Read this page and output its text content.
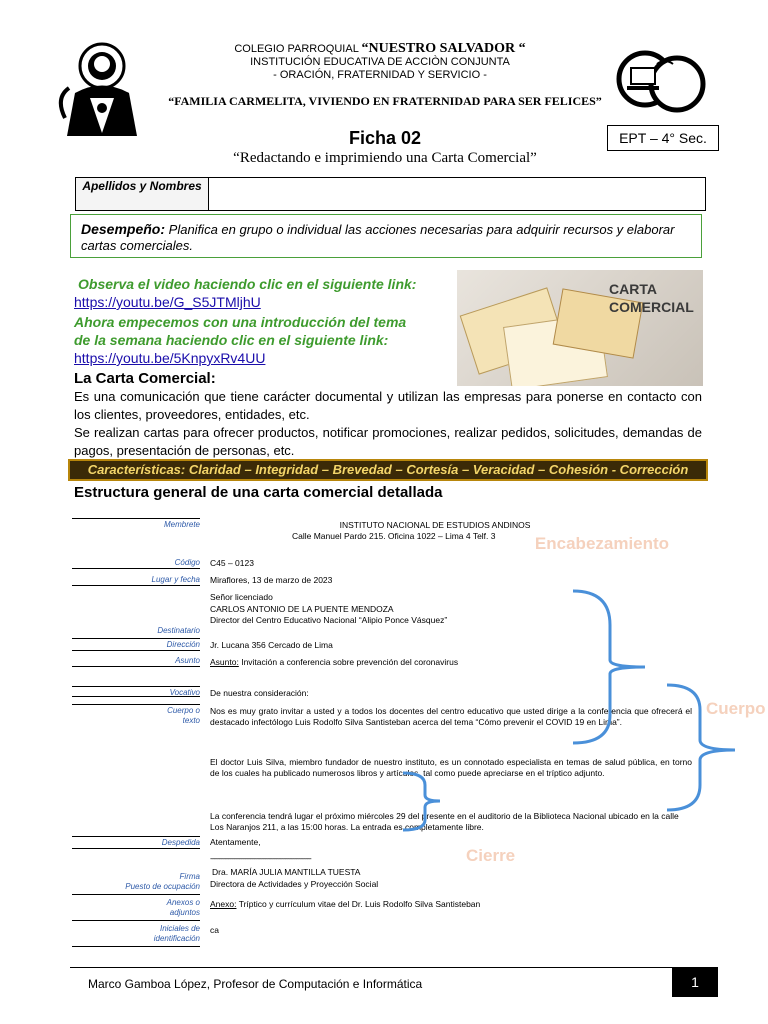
COLEGIO PARROQUIAL “NUESTRO SALVADOR “
INSTITUCIÓN EDUCATIVA DE ACCIÒN CONJUNTA
- ORACIÓN, FRATERNIDAD Y SERVICIO -
“FAMILIA CARMELITA, VIVIENDO EN FRATERNIDAD PARA SER FELICES”
Ficha 02
“Redactando e imprimiendo una Carta Comercial”
EPT – 4° Sec.
Apellidos y Nombres
Desempeño: Planifica en grupo o individual las acciones necesarias para adquirir recursos y elaborar cartas comerciales.
Observa el video haciendo clic en el siguiente link:
https://youtu.be/G_S5JTMljhU
Ahora empecemos con una introducción del tema de la semana haciendo clic en el siguiente link:
https://youtu.be/5KnpyxRv4UU
CARTA
COMERCIAL
La Carta Comercial:
Es una comunicación que tiene carácter documental y utilizan las empresas para ponerse en contacto con los clientes, proveedores, entidades, etc.
Se realizan cartas para ofrecer productos, notificar promociones, realizar pedidos, solicitudes, demandas de pagos, presentación de personas, etc.
Características: Claridad – Integridad – Brevedad – Cortesía – Veracidad – Cohesión - Corrección
Estructura general de una carta comercial detallada
Membrete
Código
Lugar y fecha
Destinatario
Dirección
Asunto
Vocativo
Cuerpo o texto
Despedida
Firma
Puesto de ocupación
Anexos o adjuntos
Iniciales de identificación
INSTITUTO NACIONAL DE ESTUDIOS ANDINOS
Calle Manuel Pardo 215. Oficina 1022 – Lima 4 Telf. 3
C45 – 0123
Miraflores, 13 de marzo de 2023
Señor licenciado
CARLOS ANTONIO DE LA PUENTE MENDOZA
Director del Centro Educativo Nacional “Alipio Ponce Vásquez”
Jr. Lucana 356 Cercado de Lima
Asunto: Invitación a conferencia sobre prevención del coronavirus
De nuestra consideración:
Nos es muy grato invitar a usted y a todos los docentes del centro educativo que usted dirige a la conferencia que ofrecerá el destacado infectólogo Luis Rodolfo Silva Santisteban acerca del tema “Cómo prevenir el COVID 19 en Lima”.
El doctor Luis Silva, miembro fundador de nuestro instituto, es un connotado especialista en temas de salud pública, en torno de los cuales ha publicado numerosos libros y artículos, tal como puede apreciarse en el tríptico adjunto.
La conferencia tendrá lugar el próximo miércoles 29 del presente en el auditorio de la Biblioteca Nacional ubicado en la calle Los Naranjos 211, a las 15:00 horas. La entrada es completamente libre.
Atentamente,
-------------------------------------------------------
Dra. MARÍA JULIA MANTILLA TUESTA
Directora de Actividades y Proyección Social
Anexo: Tríptico y currículum vitae del Dr. Luis Rodolfo Silva Santisteban
ca
Encabezamiento
Cuerpo
Cierre
Marco Gamboa López, Profesor de Computación e Informática	1
